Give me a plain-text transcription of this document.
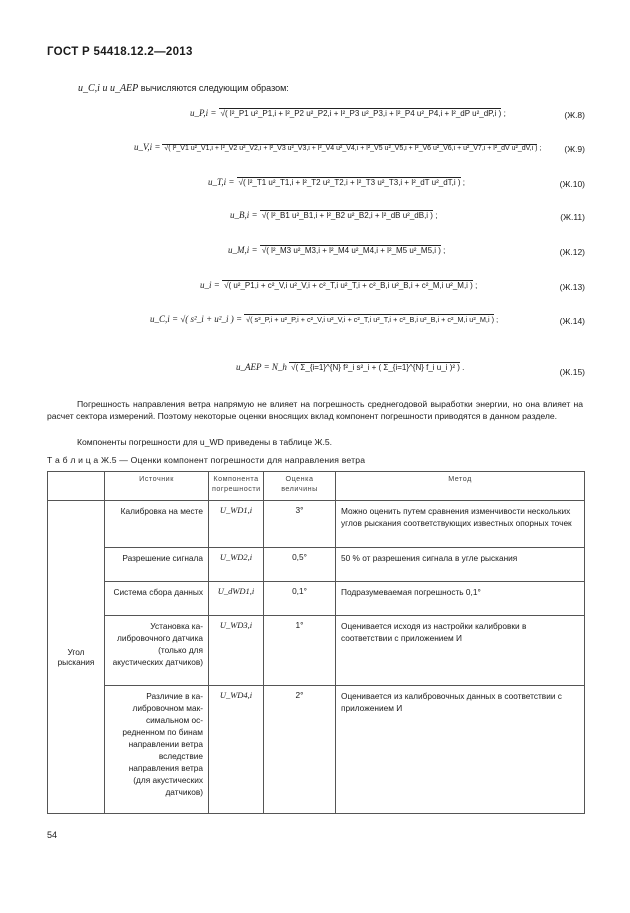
ГОСТ Р 54418.12.2—2013
u_C,i и u_AEP вычисляются следующим образом:
u_P,i = √( l²_P1 u²_P1,i + l²_P2 u²_P2,i + l²_P3 u²_P3,i + l²_P4 u²_P4,i + l²_dP u²_dP,i ) ;	(Ж.8)
u_V,i = √( l²_V1 u²_V1,i + l²_V2 u²_V2,i + l²_V3 u²_V3,i + l²_V4 u²_V4,i + l²_V5 u²_V5,i + l²_V6 u²_V6,i + u²_V7,i + l²_dV u²_dV,i ) ;	(Ж.9)
u_T,i = √( l²_T1 u²_T1,i + l²_T2 u²_T2,i + l²_T3 u²_T3,i + l²_dT u²_dT,i ) ;	(Ж.10)
u_B,i = √( l²_B1 u²_B1,i + l²_B2 u²_B2,i + l²_dB u²_dB,i ) ;	(Ж.11)
u_M,i = √( l²_M3 u²_M3,i + l²_M4 u²_M4,i + l²_M5 u²_M5,i ) ;	(Ж.12)
u_i = √( u²_P1,i + c²_V,i u²_V,i + c²_T,i u²_T,i + c²_B,i u²_B,i + c²_M,i u²_M,i ) ;	(Ж.13)
u_C,i = √( s²_i + u²_i ) = √( s²_P,i + u²_P,i + c²_V,i u²_V,i + c²_T,i u²_T,i + c²_B,i u²_B,i + c²_M,i u²_M,i ) ;	(Ж.14)
u_AEP = N_h √( Σ_{i=1}^{N} f²_i s²_i + ( Σ_{i=1}^{N} f_i u_i )² ) .	(Ж.15)
Погрешность направления ветра напрямую не влияет на погрешность среднегодовой выработки энергии, но она влияет на расчет сектора измерений. Поэтому некоторые оценки вносящих вклад компонент погрешности приводятся в данном разделе.
Компоненты погрешности для u_WD приведены в таблице Ж.5.
Т а б л и ц а Ж.5 — Оценки компонент погрешности для направления ветра
	Источник	Компонента погрешности	Оценка величины	Метод
Угол рыскания	Калибровка на месте	U_WD1,i	3°	Можно оценить путем сравнения изменчивости нескольких углов рыскания соответствующих известных опорных точек
	Разрешение сигнала	U_WD2,i	0,5°	50 % от разрешения сигнала в угле рыскания
	Система сбора данных	U_dWD1,i	0,1°	Подразумеваемая погрешность 0,1°
	Установка калибровочного датчика (только для акустических датчиков)	U_WD3,i	1°	Оценивается исходя из настройки калибровки в соответствии с приложением И
	Различие в калибровочном максимальном осредненном по бинам направлении ветра вследствие направления ветра (для акустических датчиков)	U_WD4,i	2°	Оцениваетcя из калибровочных данных в соответствии с приложением И
54
